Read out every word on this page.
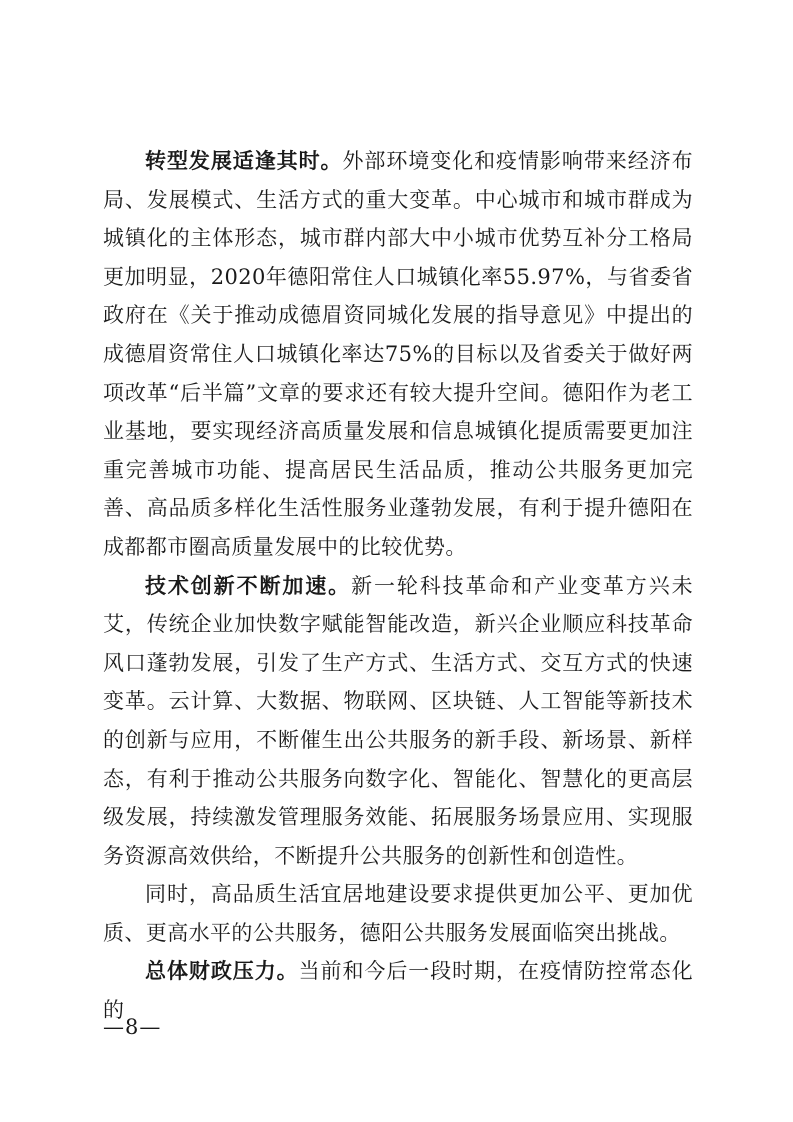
转型发展适逢其时。外部环境变化和疫情影响带来经济布局、发展模式、生活方式的重大变革。中心城市和城市群成为城镇化的主体形态，城市群内部大中小城市优势互补分工格局更加明显，2020年德阳常住人口城镇化率55.97%，与省委省政府在《关于推动成德眉资同城化发展的指导意见》中提出的成德眉资常住人口城镇化率达75%的目标以及省委关于做好两项改革“后半篇”文章的要求还有较大提升空间。德阳作为老工业基地，要实现经济高质量发展和信息城镇化提质需要更加注重完善城市功能、提高居民生活品质，推动公共服务更加完善、高品质多样化生活性服务业蓬勃发展，有利于提升德阳在成都都市圈高质量发展中的比较优势。

技术创新不断加速。新一轮科技革命和产业变革方兴未艾，传统企业加快数字赋能智能改造，新兴企业顺应科技革命风口蓬勃发展，引发了生产方式、生活方式、交互方式的快速变革。云计算、大数据、物联网、区块链、人工智能等新技术的创新与应用，不断催生出公共服务的新手段、新场景、新样态，有利于推动公共服务向数字化、智能化、智慧化的更高层级发展，持续激发管理服务效能、拓展服务场景应用、实现服务资源高效供给，不断提升公共服务的创新性和创造性。

同时，高品质生活宜居地建设要求提供更加公平、更加优质、更高水平的公共服务，德阳公共服务发展面临突出挑战。

总体财政压力。当前和今后一段时期，在疫情防控常态化的

—8—
